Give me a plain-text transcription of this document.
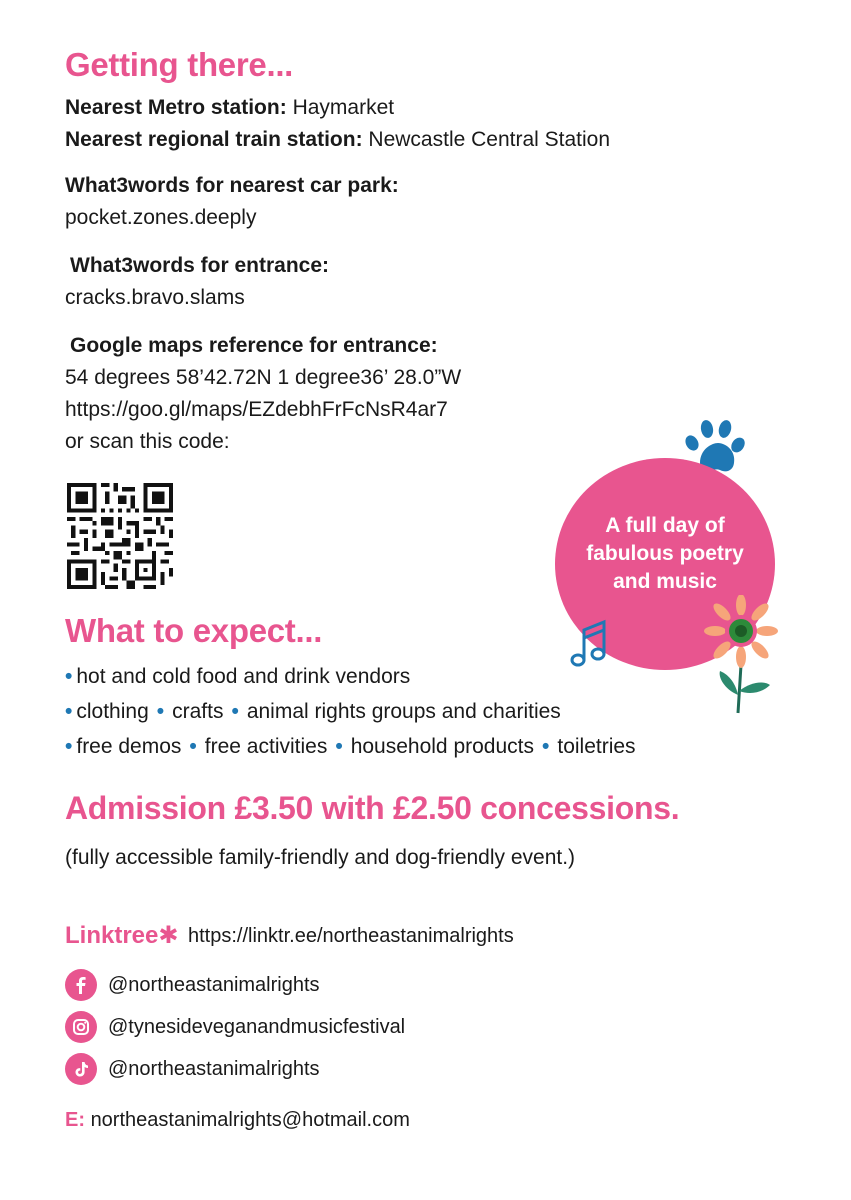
Getting there...
Nearest Metro station: Haymarket
Nearest regional train station: Newcastle Central Station
What3words for nearest car park:
pocket.zones.deeply
What3words for entrance:
cracks.bravo.slams
Google maps reference for entrance:
54 degrees 58’42.72N 1 degree36’ 28.0”W
https://goo.gl/maps/EZdebhFrFcNsR4ar7
or scan this code:
A full day of
fabulous poetry
and music
What to expect...
• hot and cold food and drink vendors
• clothing • crafts • animal rights groups and charities
• free demos • free activities • household products • toiletries
Admission £3.50 with £2.50 concessions.
(fully accessible family-friendly and dog-friendly event.)
Linktree✱ https://linktr.ee/northeastanimalrights
@northeastanimalrights
@tynesideveganandmusicfestival
@northeastanimalrights
E: northeastanimalrights@hotmail.com
